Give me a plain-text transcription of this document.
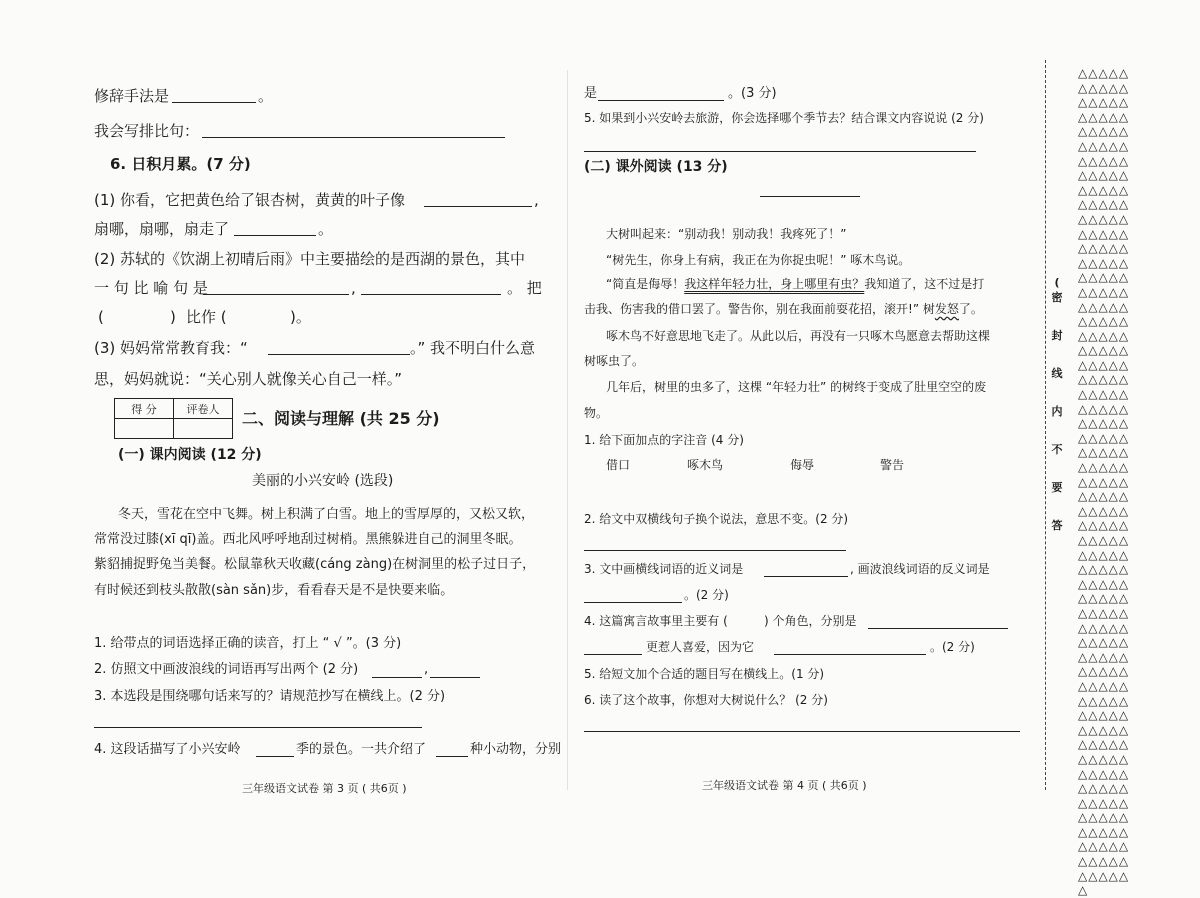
修辞手法是	。
我会写排比句：
6. 日积月累。(7 分)
(1) 你看，它把黄色给了银杏树，黄黄的叶子像	,
扇哪，扇哪，扇走了	。
(2) 苏轼的《饮湖上初晴后雨》中主要描绘的是西湖的景色，其中
一 句 比 喻 句 是	,	。 把
(	) 比作 (	)。
(3) 妈妈常常教育我：“	。” 我不明白什么意
思，妈妈就说：“关心别人就像关心自己一样。”
得 分	评卷人
	二、阅读与理解 (共 25 分)
(一) 课内阅读 (12 分)
美丽的小兴安岭 (选段)
冬天，雪花在空中飞舞。树上积满了白雪。地上的雪厚厚的，又松又软，
常常没过膝(xī qī)盖。西北风呼呼地刮过树梢。黑熊躲进自己的洞里冬眠。
紫貂捕捉野兔当美餐。松鼠靠秋天收藏(cáng zàng)在树洞里的松子过日子，
有时候还到枝头散散(sàn sǎn)步，看看春天是不是快要来临。
1. 给带点的词语选择正确的读音，打上 “ √ ”。(3 分)
2. 仿照文中画波浪线的词语再写出两个 (2 分)	,
3. 本选段是围绕哪句话来写的？请规范抄写在横线上。(2 分)
4. 这段话描写了小兴安岭	季的景色。一共介绍了	种小动物，分别
三年级语文试卷 第 3 页 ( 共6页 )
是	。(3 分)
5. 如果到小兴安岭去旅游，你会选择哪个季节去？结合课文内容说说 (2 分)
(二) 课外阅读 (13 分)
大树叫起来：“别动我！别动我！我疼死了！”
“树先生，你身上有病，我正在为你捉虫呢！” 啄木鸟说。
“简直是侮辱！我这样年轻力壮，身上哪里有虫？我知道了，这不过是打
击我、伤害我的借口罢了。警告你，别在我面前耍花招，滚开!” 树发怒了。
啄木鸟不好意思地飞走了。从此以后，再没有一只啄木鸟愿意去帮助这棵
树啄虫了。
几年后，树里的虫多了，这棵 “年轻力壮” 的树终于变成了肚里空空的废
物。
1. 给下面加点的字注音 (4 分)
借口	啄木鸟	侮辱	警告
2. 给文中双横线句子换个说法，意思不变。(2 分)
3. 文中画横线词语的近义词是	, 画波浪线词语的反义词是
。(2 分)
4. 这篇寓言故事里主要有 (	) 个角色，分别是
更惹人喜爱，因为它	。(2 分)
5. 给短文加个合适的题目写在横线上。(1 分)
6. 读了这个故事，你想对大树说什么？ (2 分)
三年级语文试卷 第 4 页 ( 共6页 )
(
密
封
线
内
不
要
答
△△△△△△△△△△△△△△△△△△△△△△△△△△△△△△△△△△△△△△△△△△△△△△△△△△△△△△△△△△△△△△△△△△△△△△△△△△△△△△△△△△△△△△△△△△△△△△△△△△△△△△△△△△△△△△△△△△△△△△△△△△△△△△△△△△△△△△△△△△△△△△△△△△△△△△△△△△△△△△△△△△△△△△△△△△△△△△△△△△△△△△△△△△△△△△△△△△△△△△△△△△△△△△△△△△△△△△△△△△△△△△△△△△△△△△△△△△△△△△△△△△△△△△△△△△△△△△△△△△△△△△△△△△△△△△△△△△△△△△△△△
